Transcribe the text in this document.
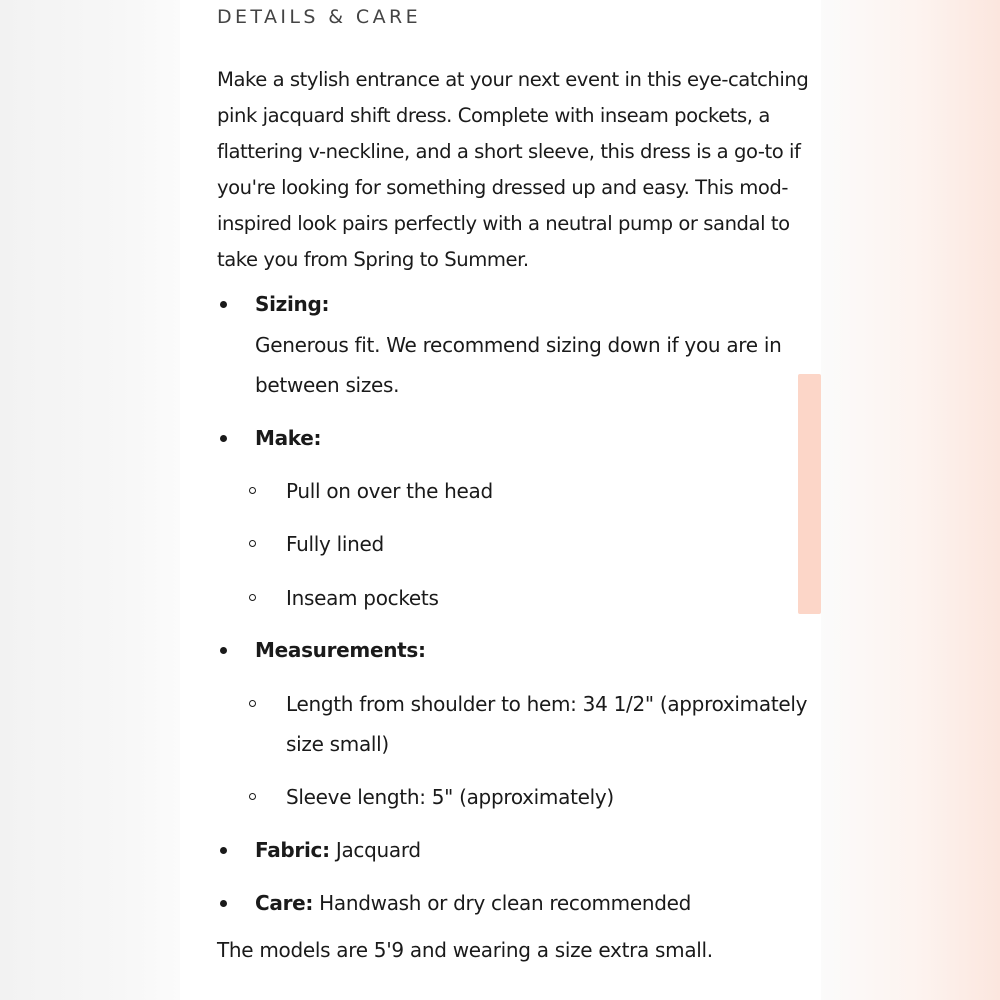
DETAILS & CARE

Make a stylish entrance at your next event in this eye-catching pink jacquard shift dress. Complete with inseam pockets, a flattering v-neckline, and a short sleeve, this dress is a go-to if you're looking for something dressed up and easy. This mod-inspired look pairs perfectly with a neutral pump or sandal to take you from Spring to Summer.

Sizing:
Generous fit. We recommend sizing down if you are in
between sizes.
Make:
Pull on over the head
Fully lined
Inseam pockets
Measurements:
Length from shoulder to hem: 34 1/2" (approximately
size small)
Sleeve length: 5" (approximately)
Fabric: Jacquard
Care: Handwash or dry clean recommended
The models are 5'9 and wearing a size extra small.
